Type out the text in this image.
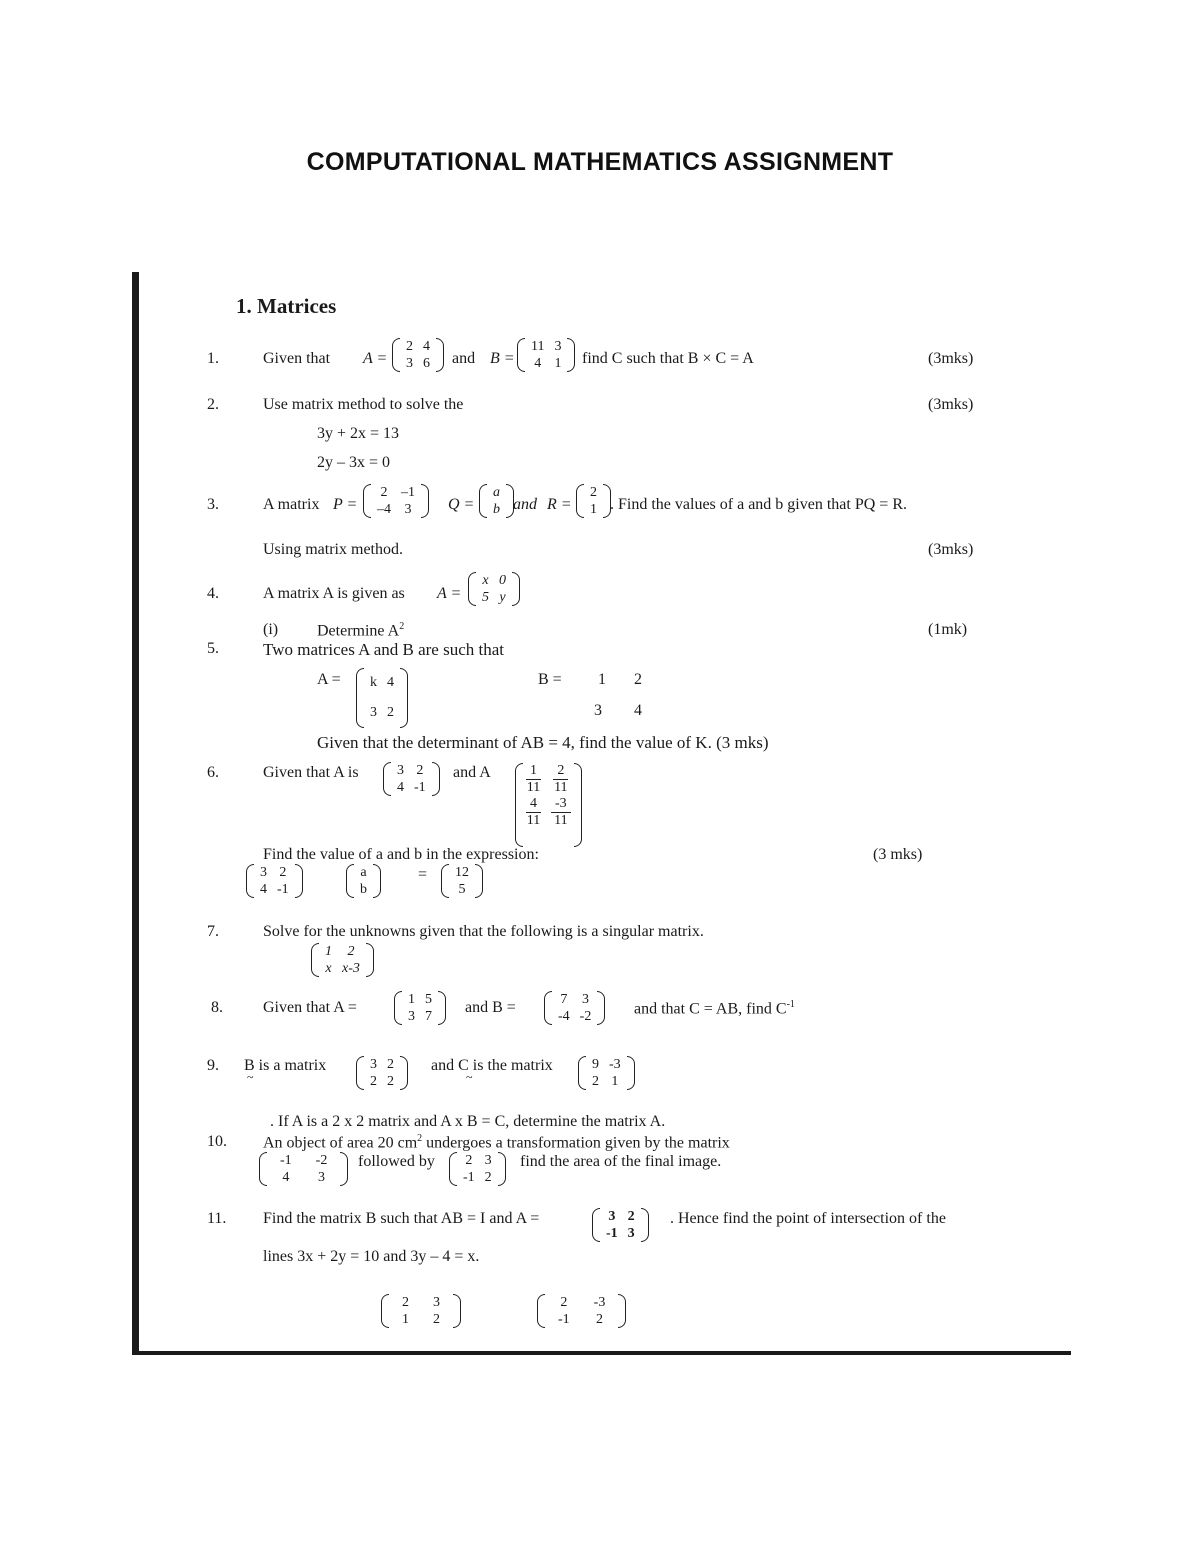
COMPUTATIONAL MATHEMATICS ASSIGNMENT
1. Matrices
1.	Given that A =
2	4
3	6 and B =
11	3
4	1 find C such that B × C = A	(3mks)
2.	Use matrix method to solve the	(3mks)
3y + 2x = 13
2y – 3x = 0
3.	A matrix P =
2	–1
–4	3 Q =
a
b and R =
2
1 . Find the values of a and b given that PQ = R.
Using matrix method.	(3mks)
4.	A matrix A is given as A =
x	0
5	y
(i) Determine $A^2$	(1mk)
5.	Two matrices A and B are such that
A = k	4
3	2
B = 1 2
3 4
Given that the determinant of AB = 4, find the value of K. (3 mks)
6.	Given that A is	3	2
4	-1
and A	$\frac{1}{11}$	$\frac{2}{11}$

$\frac{4}{11}$	$\frac{-3}{11}$
Find the value of a and b in the expression:	(3 mks)
3	2
4	-1
a
b
= 12
5
7.	Solve for the unknowns given that the following is a singular matrix.
1	2
x	x-3
8.	Given that A =	1	5
3	7
and B =	7	3
-4	-2	and that C = AB, find $C^{-1}$
9. B is a matrix
~
3	2
2	2
and C is the matrix
~
9	-3
2	1
. If A is a 2 x 2 matrix and A x B = C, determine the matrix A.
10. An object of area 20 $cm^2$ undergoes a transformation given by the matrix
-1	-2
4	3
followed by 2	3
-1	2
find the area of the final image.
11. Find the matrix B such that AB = I and A =	3	2
-1	3
. Hence find the point of intersection of the
lines 3x + 2y = 10 and 3y – 4 = x.
2	3
1	2
2	-3
-1	2
